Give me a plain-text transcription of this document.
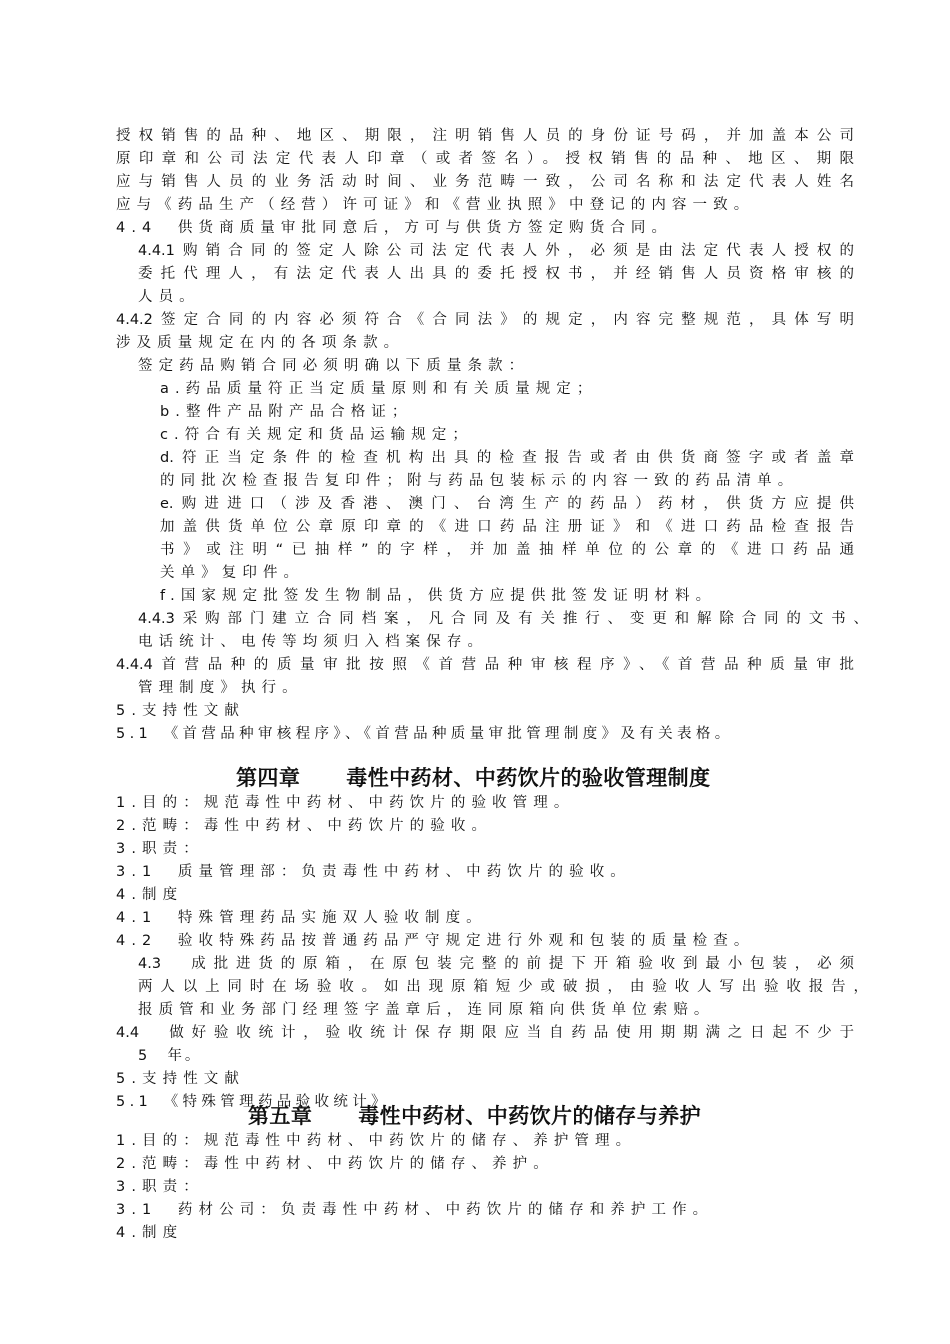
授权销售的品种、地区、期限，注明销售人员的身份证号码，并加盖本公司
原印章和公司法定代表人印章（或者签名）。授权销售的品种、地区、期限
应与销售人员的业务活动时间、业务范畴一致，公司名称和法定代表人姓名
应与《药品生产（经营）许可证》和《营业执照》中登记的内容一致。
4.4　供货商质量审批同意后，方可与供货方签定购货合同。
4.4.1购销合同的签定人除公司法定代表人外，必须是由法定代表人授权的
委托代理人，有法定代表人出具的委托授权书，并经销售人员资格审核的
人员。
4.4.2签定合同的内容必须符合《合同法》的规定，内容完整规范，具体写明
涉及质量规定在内的各项条款。
签定药品购销合同必须明确以下质量条款：
a.药品质量符正当定质量原则和有关质量规定；
b.整件产品附产品合格证；
c.符合有关规定和货品运输规定；
d.符正当定条件的检查机构出具的检查报告或者由供货商签字或者盖章
的同批次检查报告复印件；附与药品包装标示的内容一致的药品清单。
e.购进进口（涉及香港、澳门、台湾生产的药品）药材，供货方应提供
加盖供货单位公章原印章的《进口药品注册证》和《进口药品检查报告
书》或注明“已抽样”的字样，并加盖抽样单位的公章的《进口药品通
关单》复印件。
f.国家规定批签发生物制品，供货方应提供批签发证明材料。
4.4.3采购部门建立合同档案，凡合同及有关推行、变更和解除合同的文书、
电话统计、电传等均须归入档案保存。
4.4.4首营品种的质量审批按照《首营品种审核程序》、《首营品种质量审批
管理制度》执行。
5.支持性文献
5.1　《首营品种审核程序》、《首营品种质量审批管理制度》及有关表格。
第四章 毒性中药材、中药饮片的验收管理制度
1.目的：规范毒性中药材、中药饮片的验收管理。
2.范畴：毒性中药材、中药饮片的验收。
3.职责：
3.1　质量管理部：负责毒性中药材、中药饮片的验收。
4.制度
4.1　特殊管理药品实施双人验收制度。
4.2　验收特殊药品按普通药品严守规定进行外观和包装的质量检查。
4.3　成批进货的原箱，在原包装完整的前提下开箱验收到最小包装，必须
两人以上同时在场验收。如出现原箱短少或破损，由验收人写出验收报告，
报质管和业务部门经理签字盖章后，连同原箱向供货单位索赔。
4.4　做好验收统计，验收统计保存期限应当自药品使用期期满之日起不少于
5　年。
5.支持性文献
5.1　《特殊管理药品验收统计》
第五章 毒性中药材、中药饮片的储存与养护
1.目的：规范毒性中药材、中药饮片的储存、养护管理。
2.范畴：毒性中药材、中药饮片的储存、养护。
3.职责：
3.1　药材公司：负责毒性中药材、中药饮片的储存和养护工作。
4.制度
